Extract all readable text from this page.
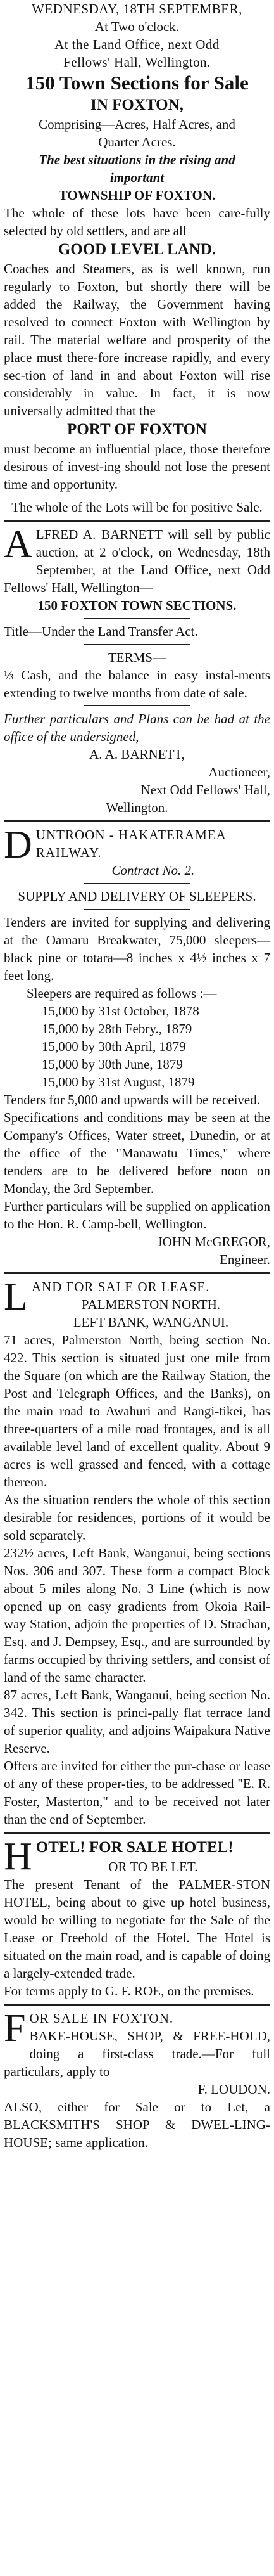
WEDNESDAY, 18TH SEPTEMBER,

At Two o'clock.

At the Land Office, next Odd

Fellows' Hall, Wellington.

150 Town Sections for Sale

IN FOXTON,

Comprising—Acres, Half Acres, and

Quarter Acres.

The best situations in the rising and

important

TOWNSHIP OF FOXTON.

The whole of these lots have been care-fully selected by old settlers, and are all

GOOD LEVEL LAND.

Coaches and Steamers, as is well known, run regularly to Foxton, but shortly there will be added the Railway, the Government having resolved to connect Foxton with Wellington by rail. The material welfare and prosperity of the place must there-fore increase rapidly, and every sec-tion of land in and about Foxton will rise considerably in value. In fact, it is now universally admitted that the

PORT OF FOXTON

must become an influential place, those therefore desirous of invest-ing should not lose the present time and opportunity.

The whole of the Lots will be for positive Sale.

A LFRED A. BARNETT will sell by public auction, at 2 o'clock, on Wednesday, 18th September, at the Land Office, next Odd Fellows' Hall, Wellington—

150 FOXTON TOWN SECTIONS.

Title—Under the Land Transfer Act.

TERMS—

⅓ Cash, and the balance in easy instal-ments extending to twelve months from date of sale.

Further particulars and Plans can be had at the office of the undersigned,

A. A. BARNETT,

Auctioneer,

Next Odd Fellows' Hall,

Wellington.

D UNTROON - HAKATERAMEA RAILWAY.

Contract No. 2.

SUPPLY AND DELIVERY OF SLEEPERS.

Tenders are invited for supplying and delivering at the Oamaru Breakwater, 75,000 sleepers—black pine or totara—8 inches x 4½ inches x 7 feet long.

Sleepers are required as follows :—

15,000 by 31st October, 1878

15,000 by 28th Febry., 1879

15,000 by 30th April, 1879

15,000 by 30th June, 1879

15,000 by 31st August, 1879

Tenders for 5,000 and upwards will be received.

Specifications and conditions may be seen at the Company's Offices, Water street, Dunedin, or at the office of the "Manawatu Times," where tenders are to be delivered before noon on Monday, the 3rd September.

Further particulars will be supplied on application to the Hon. R. Camp-bell, Wellington.

JOHN McGREGOR,

Engineer.

L AND FOR SALE OR LEASE.

PALMERSTON NORTH.

LEFT BANK, WANGANUI.

71 acres, Palmerston North, being section No. 422. This section is situated just one mile from the Square (on which are the Railway Station, the Post and Telegraph Offices, and the Banks), on the main road to Awahuri and Rangi-tikei, has three-quarters of a mile road frontages, and is all available level land of excellent quality. About 9 acres is well grassed and fenced, with a cottage thereon.

As the situation renders the whole of this section desirable for residences, portions of it would be sold separately.

232½ acres, Left Bank, Wanganui, being sections Nos. 306 and 307. These form a compact Block about 5 miles along No. 3 Line (which is now opened up on easy gradients from Okoia Rail-way Station, adjoin the properties of D. Strachan, Esq. and J. Dempsey, Esq., and are surrounded by farms occupied by thriving settlers, and consist of land of the same character.

87 acres, Left Bank, Wanganui, being section No. 342. This section is princi-pally flat terrace land of superior quality, and adjoins Waipakura Native Reserve.

Offers are invited for either the pur-chase or lease of any of these proper-ties, to be addressed "E. R. Foster, Masterton," and to be received not later than the end of September.

H OTEL! FOR SALE HOTEL!

OR TO BE LET.

The present Tenant of the PALMER-STON HOTEL, being about to give up hotel business, would be willing to negotiate for the Sale of the Lease or Freehold of the Hotel. The Hotel is situated on the main road, and is capable of doing a largely-extended trade.

For terms apply to G. F. ROE, on the premises.

F OR SALE IN FOXTON.

BAKE-HOUSE, SHOP, & FREE-HOLD, doing a first-class trade.—For full particulars, apply to

F. LOUDON.

ALSO, either for Sale or to Let, a BLACKSMITH'S SHOP & DWEL-LING-HOUSE; same application.
